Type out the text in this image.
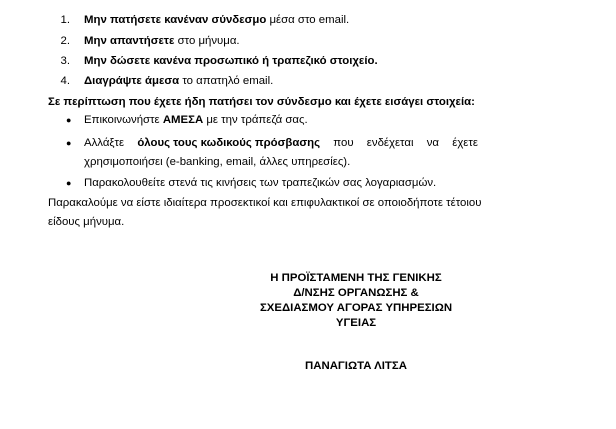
1. Μην πατήσετε κανέναν σύνδεσμο μέσα στο email.
2. Μην απαντήσετε στο μήνυμα.
3. Μην δώσετε κανένα προσωπικό ή τραπεζικό στοιχείο.
4. Διαγράψτε άμεσα το απατηλό email.
Σε περίπτωση που έχετε ήδη πατήσει τον σύνδεσμο και έχετε εισάγει στοιχεία:
● Επικοινωνήστε ΑΜΕΣΑ με την τράπεζά σας.
● Αλλάξτε όλους τους κωδικούς πρόσβασης που ενδέχεται να έχετε
χρησιμοποιήσει (e-banking, email, άλλες υπηρεσίες).
● Παρακολουθείτε στενά τις κινήσεις των τραπεζικών σας λογαριασμών.
Παρακαλούμε να είστε ιδιαίτερα προσεκτικοί και επιφυλακτικοί σε οποιοδήποτε τέτοιου
είδους μήνυμα.
Η ΠΡΟΪΣΤΑΜΕΝΗ ΤΗΣ ΓΕΝΙΚΗΣ
Δ/ΝΣΗΣ ΟΡΓΑΝΩΣΗΣ &
ΣΧΕΔΙΑΣΜΟΥ ΑΓΟΡΑΣ ΥΠΗΡΕΣΙΩΝ
ΥΓΕΙΑΣ
ΠΑΝΑΓΙΩΤΑ ΛΙΤΣΑ
